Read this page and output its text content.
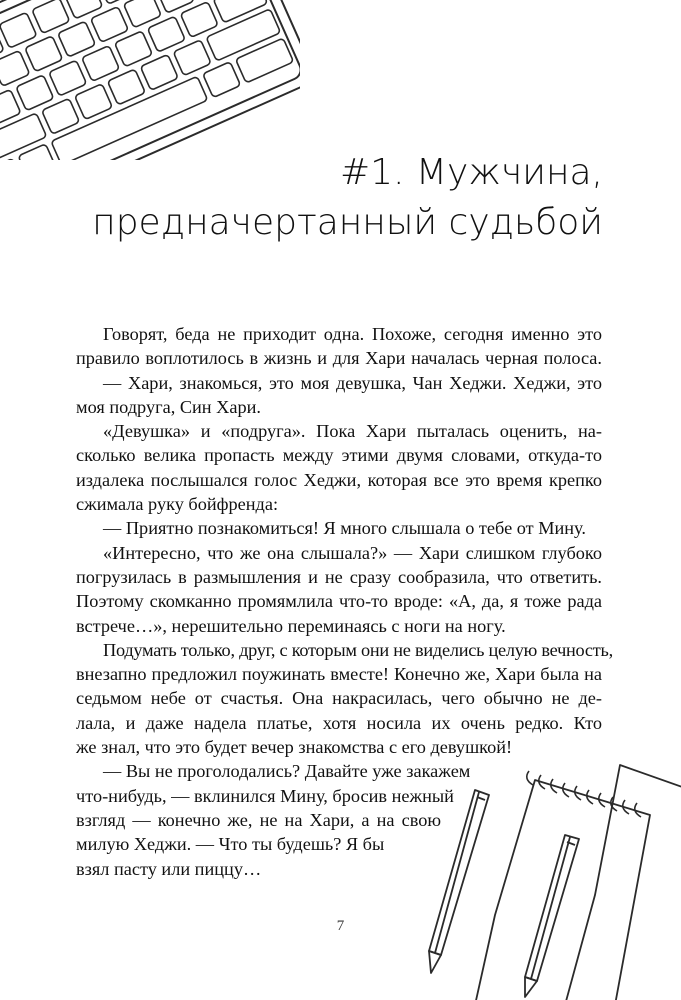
#1. Мужчина,
предначертанный судьбой
Говорят, беда не приходит одна. Похоже, сегодня именно это
правило воплотилось в жизнь и для Хари началась черная полоса.
— Хари, знакомься, это моя девушка, Чан Хеджи. Хеджи, это
моя подруга, Син Хари.
«Девушка» и «подруга». Пока Хари пыталась оценить, на-
сколько велика пропасть между этими двумя словами, откуда-то
издалека послышался голос Хеджи, которая все это время крепко
сжимала руку бойфренда:
— Приятно познакомиться! Я много слышала о тебе от Мину.
«Интересно, что же она слышала?» — Хари слишком глубоко
погрузилась в размышления и не сразу сообразила, что ответить.
Поэтому скомканно промямлила что-то вроде: «А, да, я тоже рада
встрече…», нерешительно переминаясь с ноги на ногу.
Подумать только, друг, с которым они не виделись целую вечность,
внезапно предложил поужинать вместе! Конечно же, Хари была на
седьмом небе от счастья. Она накрасилась, чего обычно не де-
лала, и даже надела платье, хотя носила их очень редко. Кто
же знал, что это будет вечер знакомства с его девушкой!
— Вы не проголодались? Давайте уже закажем
что-нибудь, — вклинился Мину, бросив нежный
взгляд — конечно же, не на Хари, а на свою
милую Хеджи. — Что ты будешь? Я бы
взял пасту или пиццу…
7
